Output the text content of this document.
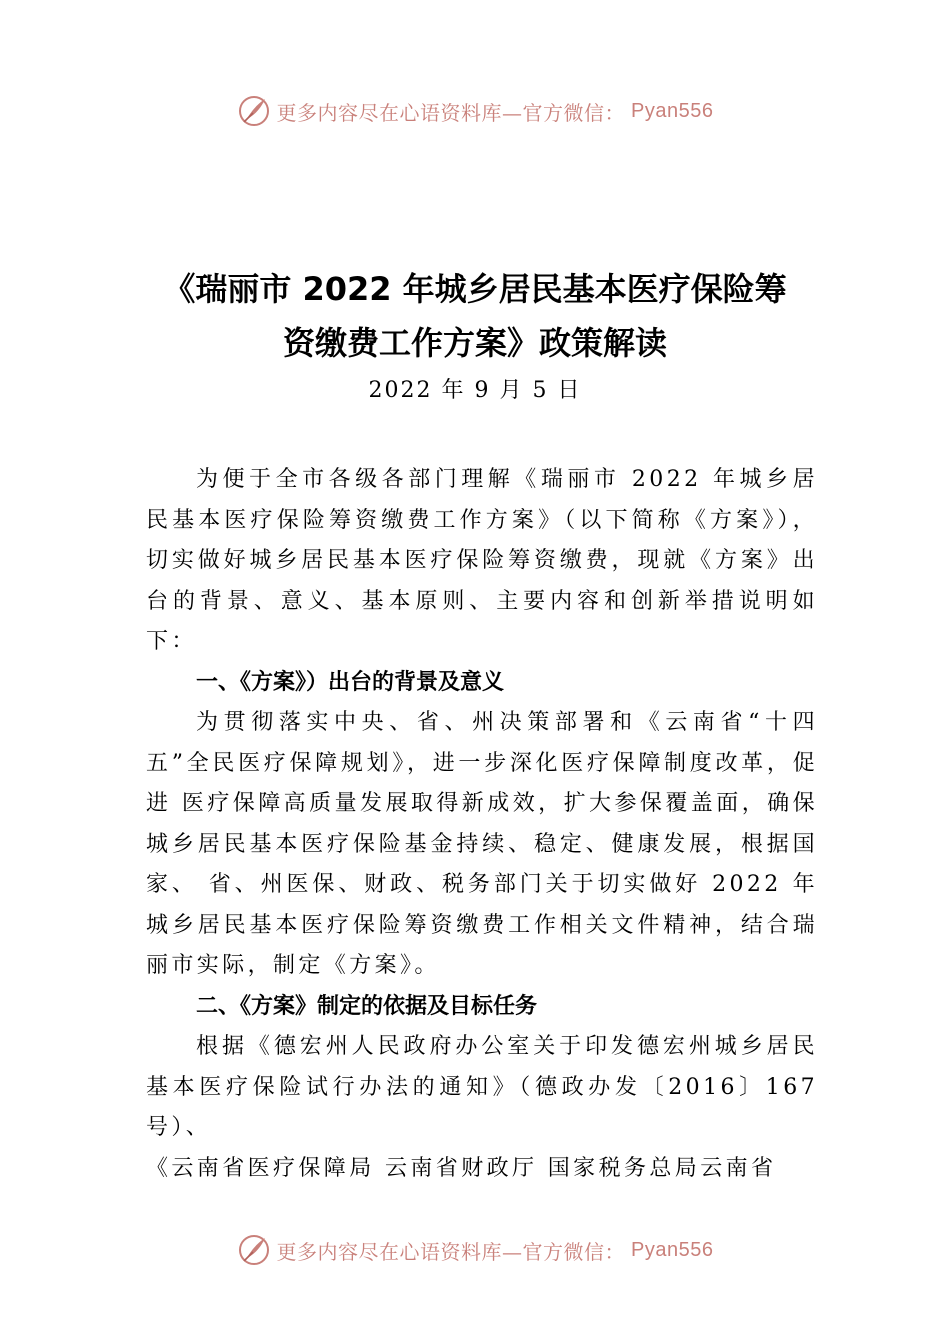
更多内容尽在心语资料库—官方微信： Pyan556
《瑞丽市 2022 年城乡居民基本医疗保险筹
资缴费工作方案》政策解读
2022 年 9 月 5 日

为便于全市各级各部门理解《瑞丽市 2022 年城乡居民基本医疗保险筹资缴费工作方案》（以下简称《方案》），切实做好城乡居民基本医疗保险筹资缴费，现就《方案》出台的背景、意义、基本原则、主要内容和创新举措说明如下：

一、《方案》）出台的背景及意义

为贯彻落实中央、省、州决策部署和《云南省“十四五”全民医疗保障规划》，进一步深化医疗保障制度改革，促进 医疗保障高质量发展取得新成效，扩大参保覆盖面，确保城乡居民基本医疗保险基金持续、稳定、健康发展，根据国家、 省、州医保、财政、税务部门关于切实做好 2022 年城乡居民基本医疗保险筹资缴费工作相关文件精神，结合瑞丽市实际，制定《方案》。

二、《方案》制定的依据及目标任务

根据《德宏州人民政府办公室关于印发德宏州城乡居民基本医疗保险试行办法的通知》（德政办发〔2016〕167号）、

《云南省医疗保障局 云南省财政厅 国家税务总局云南省

更多内容尽在心语资料库—官方微信： Pyan556
